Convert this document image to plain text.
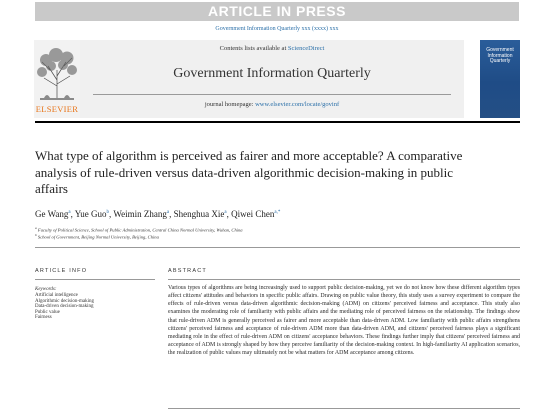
ARTICLE IN PRESS
Government Information Quarterly xxx (xxxx) xxx
ELSEVIER
Contents lists available at ScienceDirect
Government Information Quarterly
journal homepage: www.elsevier.com/locate/govinf
Government Information Quarterly
What type of algorithm is perceived as fairer and more acceptable? A comparative analysis of rule-driven versus data-driven algorithmic decision-making in public affairs
Ge Wang$^a$, Yue Guo$^b$, Weimin Zhang$^a$, Shenghua Xie$^a$, Qiwei Chen$^{a,*}$
$^a$ Faculty of Political Science, School of Public Administration, Central China Normal University, Wuhan, China
$^b$ School of Government, Beijing Normal University, Beijing, China
ARTICLE INFO	ABSTRACT
Keywords:
Artificial intelligence
Algorithmic decision-making
Data-driven decision-making
Public value
Fairness
Various types of algorithms are being increasingly used to support public decision-making, yet we do not know how these different algorithm types affect citizens' attitudes and behaviors in specific public affairs. Drawing on public value theory, this study uses a survey experiment to compare the effects of rule-driven versus data-driven algorithmic decision-making (ADM) on citizens' perceived fairness and acceptance. This study also examines the moderating role of familiarity with public affairs and the mediating role of perceived fairness on the relationship. The findings show that rule-driven ADM is generally perceived as fairer and more acceptable than data-driven ADM. Low familiarity with public affairs strengthens citizens' perceived fairness and acceptance of rule-driven ADM more than data-driven ADM, and citizens' perceived fairness plays a significant mediating role in the effect of rule-driven ADM on citizens' acceptance behaviors. These findings further imply that citizens' perceived fairness and acceptance of ADM is strongly shaped by how they perceive familiarity of the decision-making context. In high-familiarity AI application scenarios, the realization of public values may ultimately not be what matters for ADM acceptance among citizens.
